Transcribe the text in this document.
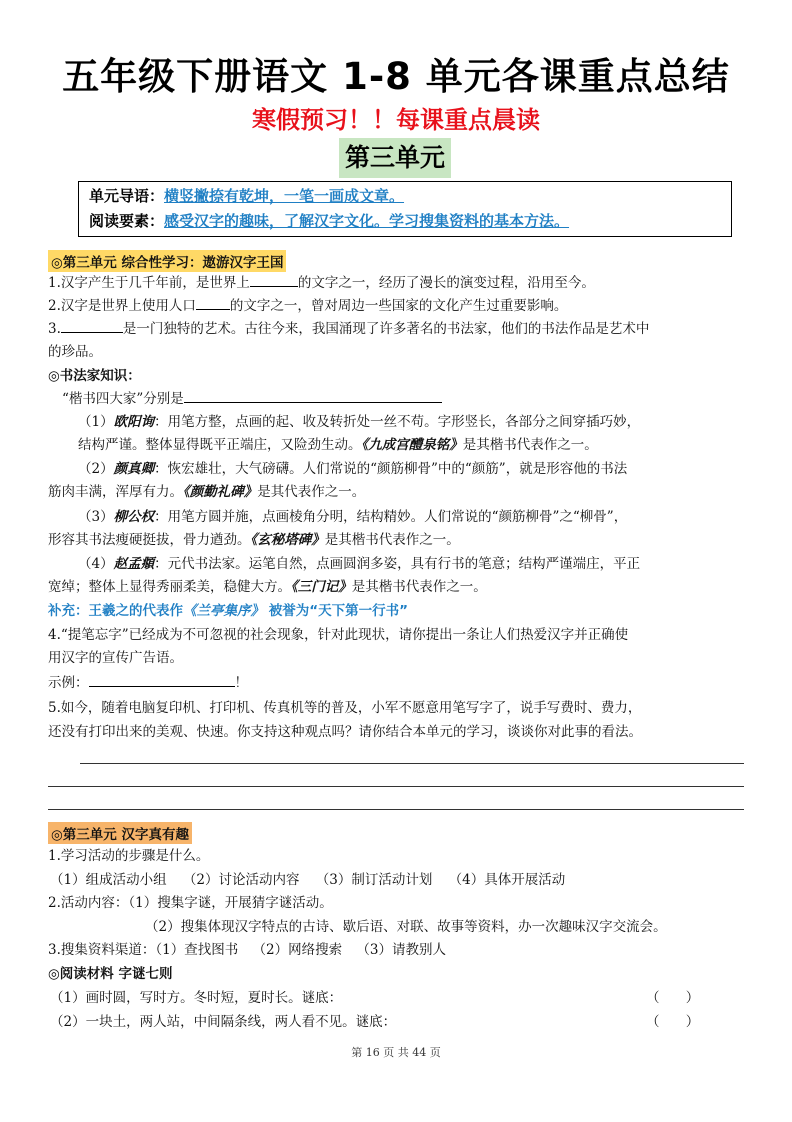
五年级下册语文 1-8 单元各课重点总结
寒假预习！！每课重点晨读
第三单元
单元导语：横竖撇捺有乾坤，一笔一画成文章。
阅读要素：感受汉字的趣味，了解汉字文化。学习搜集资料的基本方法。
◎第三单元 综合性学习：遨游汉字王国
1.汉字产生于几千年前，是世界上	的文字之一，经历了漫长的演变过程，沿用至今。
2.汉字是世界上使用人口	的文字之一，曾对周边一些国家的文化产生过重要影响。
3.	是一门独特的艺术。古往今来，我国涌现了许多著名的书法家，他们的书法作品是艺术中
的珍品。
◎书法家知识：
“楷书四大家”分别是
（1）欧阳询：用笔方整，点画的起、收及转折处一丝不苟。字形竖长，各部分之间穿插巧妙，
结构严谨。整体显得既平正端庄，又险劲生动。《九成宫醴泉铭》是其楷书代表作之一。
（2）颜真卿：恢宏雄壮，大气磅礴。人们常说的“颜筋柳骨”中的“颜筋”，就是形容他的书法
筋肉丰满，浑厚有力。《颜勤礼碑》是其代表作之一。
（3）柳公权：用笔方圆并施，点画棱角分明，结构精妙。人们常说的“颜筋柳骨”之“柳骨”，
形容其书法瘦硬挺拔，骨力遒劲。《玄秘塔碑》是其楷书代表作之一。
（4）赵孟頫：元代书法家。运笔自然，点画圆润多姿，具有行书的笔意；结构严谨端庄，平正
宽绰；整体上显得秀丽柔美，稳健大方。《三门记》是其楷书代表作之一。
补充：王羲之的代表作《兰亭集序》 被誉为“天下第一行书”
4.“提笔忘字”已经成为不可忽视的社会现象，针对此现状，请你提出一条让人们热爱汉字并正确使
用汉字的宣传广告语。
示例：	！
5.如今，随着电脑复印机、打印机、传真机等的普及，小军不愿意用笔写字了，说手写费时、费力，
还没有打印出来的美观、快速。你支持这种观点吗？请你结合本单元的学习，谈谈你对此事的看法。
◎第三单元 汉字真有趣
1.学习活动的步骤是什么。
（1）组成活动小组 （2）讨论活动内容 （3）制订活动计划 （4）具体开展活动
2.活动内容：（1）搜集字谜，开展猜字谜活动。
（2）搜集体现汉字特点的古诗、歇后语、对联、故事等资料，办一次趣味汉字交流会。
3.搜集资料渠道：（1）查找图书 （2）网络搜索 （3）请教别人
◎阅读材料 字谜七则
（1）画时圆，写时方。冬时短，夏时长。谜底：	（ ）
（2）一块土，两人站，中间隔条线，两人看不见。谜底：	（ ）
第 16 页 共 44 页
